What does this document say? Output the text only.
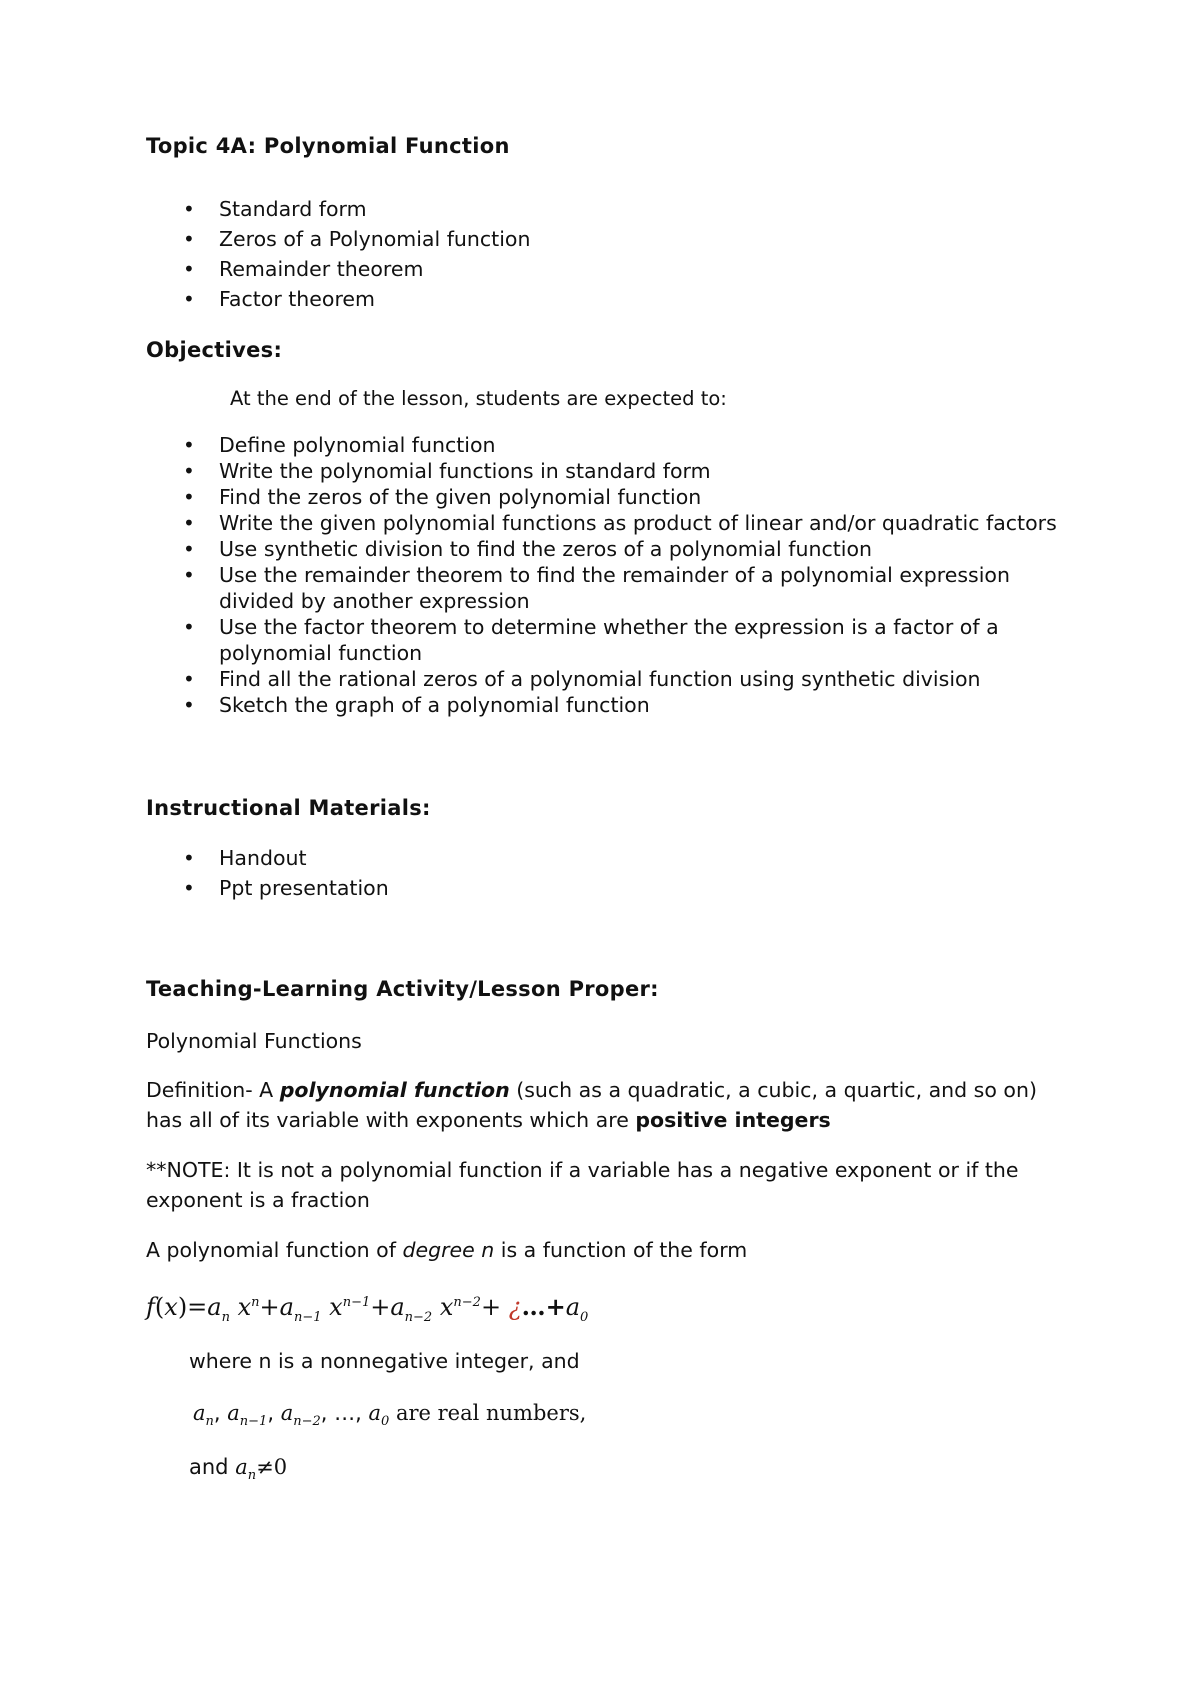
Topic 4A: Polynomial Function
• Standard form
• Zeros of a Polynomial function
• Remainder theorem
• Factor theorem
Objectives:

At the end of the lesson, students are expected to:

• Define polynomial function
• Write the polynomial functions in standard form
• Find the zeros of the given polynomial function
• Write the given polynomial functions as product of linear and/or quadratic factors
• Use synthetic division to find the zeros of a polynomial function
• Use the remainder theorem to find the remainder of a polynomial expression divided by another expression
• Use the factor theorem to determine whether the expression is a factor of a polynomial function
• Find all the rational zeros of a polynomial function using synthetic division
• Sketch the graph of a polynomial function
Instructional Materials:
• Handout
• Ppt presentation
Teaching-Learning Activity/Lesson Proper:

Polynomial Functions

Definition- A polynomial function (such as a quadratic, a cubic, a quartic, and so on) has all of its variable with exponents which are positive integers

**NOTE: It is not a polynomial function if a variable has a negative exponent or if the exponent is a fraction

A polynomial function of degree n is a function of the form

$f(x)=a_n$ $x^n+a_{n-1}$ $x^{n-1}+a_{n-2}$ $x^{n-2}+$ ¿$\dots+a_0$

where n is a nonnegative integer, and

$a_n$, $a_{n-1}$, $a_{n-2}$, …, $a_0$ are real numbers,

and $a_n\ne 0$
